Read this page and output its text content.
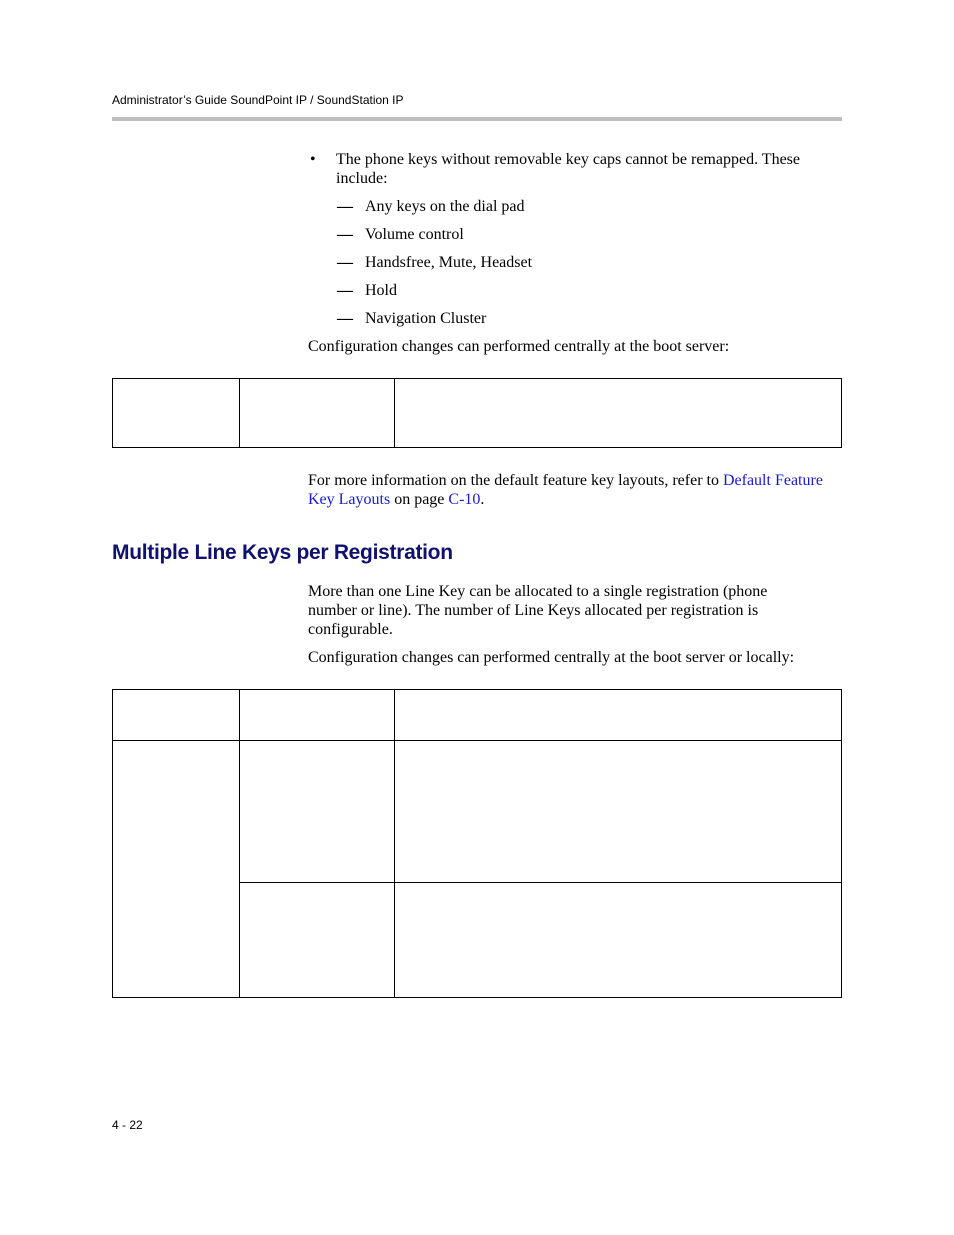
Administrator’s Guide SoundPoint IP / SoundStation IP
• The phone keys without removable key caps cannot be remapped. These include:
— Any keys on the dial pad
— Volume control
— Handsfree, Mute, Headset
— Hold
— Navigation Cluster
Configuration changes can performed centrally at the boot server:
For more information on the default feature key layouts, refer to Default Feature Key Layouts on page C-10.
Multiple Line Keys per Registration
More than one Line Key can be allocated to a single registration (phone number or line). The number of Line Keys allocated per registration is configurable.
Configuration changes can performed centrally at the boot server or locally:
4 - 22
